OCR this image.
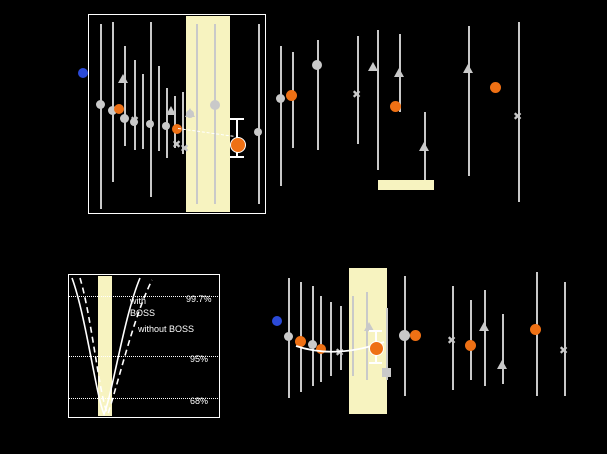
✖
✖
✖
✖
✖
with
BOSS
without BOSS
99.7%
95%
68%
✖
✖
✖
